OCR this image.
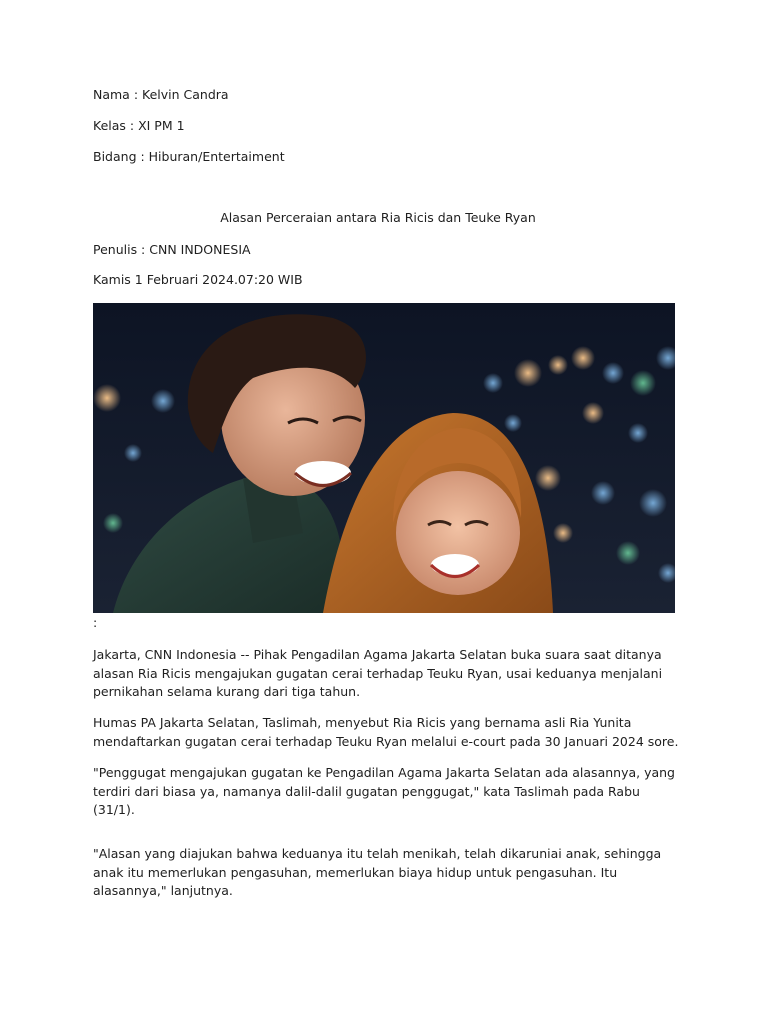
Nama : Kelvin Candra

Kelas : XI PM 1

Bidang : Hiburan/Entertaiment

Alasan Perceraian antara Ria Ricis dan Teuke Ryan

Penulis : CNN INDONESIA

Kamis 1 Februari 2024.07:20 WIB

:

Jakarta, CNN Indonesia -- Pihak Pengadilan Agama Jakarta Selatan buka suara saat ditanya alasan Ria Ricis mengajukan gugatan cerai terhadap Teuku Ryan, usai keduanya menjalani pernikahan selama kurang dari tiga tahun.

Humas PA Jakarta Selatan, Taslimah, menyebut Ria Ricis yang bernama asli Ria Yunita mendaftarkan gugatan cerai terhadap Teuku Ryan melalui e-court pada 30 Januari 2024 sore.

"Penggugat mengajukan gugatan ke Pengadilan Agama Jakarta Selatan ada alasannya, yang terdiri dari biasa ya, namanya dalil-dalil gugatan penggugat," kata Taslimah pada Rabu (31/1).

"Alasan yang diajukan bahwa keduanya itu telah menikah, telah dikaruniai anak, sehingga anak itu memerlukan pengasuhan, memerlukan biaya hidup untuk pengasuhan. Itu alasannya," lanjutnya.
